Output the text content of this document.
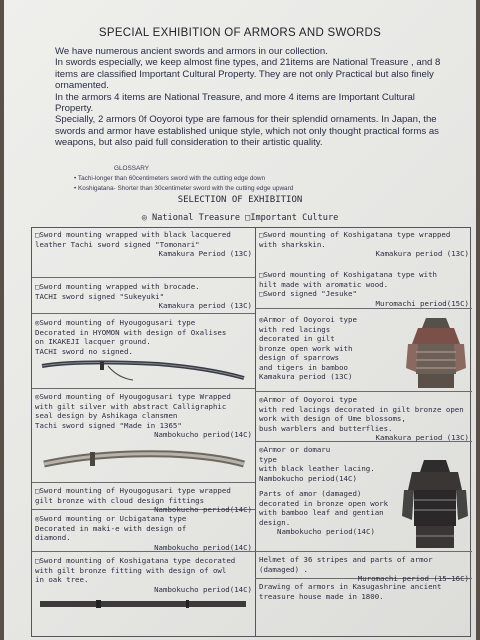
SPECIAL EXHIBITION OF ARMORS AND SWORDS

We have numerous ancient swords and armors in our collection.

In swords especially, we keep almost fine types, and 21items are National Treasure , and 8 items are classified Important Cultural Property. They are not only Practical but also finely ornamented.

In the armors 4 items are National Treasure, and more 4 items are Important Cultural Property.

Specially, 2 armors 0f Ooyoroi type are famous for their splendid ornaments. In Japan, the swords and armor have established unique style, which not only thought practical forms as weapons, but also paid full consideration to their artistic quality.

GLOSSARY
• Tachi-longer than 60centimeters sword with the cutting edge down
• Koshigatana- Shorter than 30centimeter sword with the cutting edge upward
SELECTION OF EXHIBITION
◎ National Treasure □Important Culture
□Sword mounting wrapped with black lacquered
leather Tachi sword signed "Tomonari"
Kamakura Period (13C)
□Sword mounting wrapped with brocade.
TACHI sword signed "Sukeyuki"
Kamakura period (13C)
◎Sword mounting of Hyougogusari type
Decorated in HYOMON with design of Oxalises
on IKAKEJI lacquer ground.
TACHI sword no signed.
◎Sword mounting of Hyougogusari type Wrapped
with gilt silver with abstract Calligraphic
seal design by Ashikaga clansmen
Tachi sword signed "Made in 1365"
Nambokucho period(14C)
□Sword mounting of Hyougogusari type wrapped
gilt bronze with cloud design fittings
Nambokucho period(14C)
◎Sword mounting or Ucbigatana type
Decorated in maki-e with design of
diamond.
Nambokucho period(14C)
□Sword mounting of Koshigatana type decorated
with gilt bronze fitting with design of owl
in oak tree.
Nambokucho period(14C)
□Sword mounting of Koshigatana type wrapped
with sharkskin.
Kamakura period (13C)
□Sword mounting of Koshigatana type with
hilt made with aromatic wood.
□Sword signed "Jesuke"
Muromachi period(15C)
◎Armor of Ooyoroi type
with red lacings
decorated in gilt
bronze open work with
design of sparrows
and tigers in bamboo
Kamakura period (13C)
◎Armor of Ooyoroi type
with red lacings decorated in gilt bronze open
work with design of Ume blossoms,
bush warblers and butterflies.
Kamakura period (13C)
◎Armor or domaru
type
with black leather lacing.
Nambokucho period(14C)
Parts of amor (damaged)
decorated in bronze open work
with bamboo leaf and gentian
design.
Nambokucho period(14C)
Helmet of 36 stripes and parts of armor
(damaged) .
Muromachi period (15~16C)
Drawing of armors in Kasugashrine ancient
treasure house made in 1800.
